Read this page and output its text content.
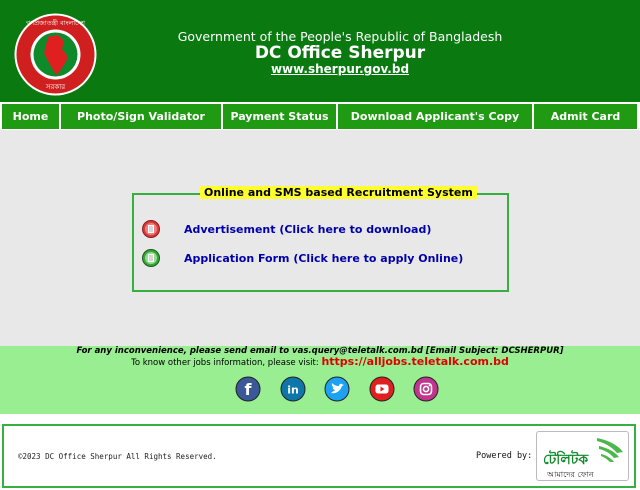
গণপ্রজাতন্ত্রী বাংলাদেশ
সরকার
Government of the People's Republic of Bangladesh
DC Office Sherpur
www.sherpur.gov.bd
Home	Photo/Sign Validator	Payment Status	Download Applicant's Copy	Admit Card
Online and SMS based Recruitment System
Advertisement (Click here to download)
Application Form (Click here to apply Online)
For any inconvenience, please send email to vas.query@teletalk.com.bd [Email Subject: DCSHERPUR]
To know other jobs information, please visit: https://alljobs.teletalk.com.bd
f	in
©2023 DC Office Sherpur All Rights Reserved.	Powered by: টেলিটক
আমাদের ফোন
